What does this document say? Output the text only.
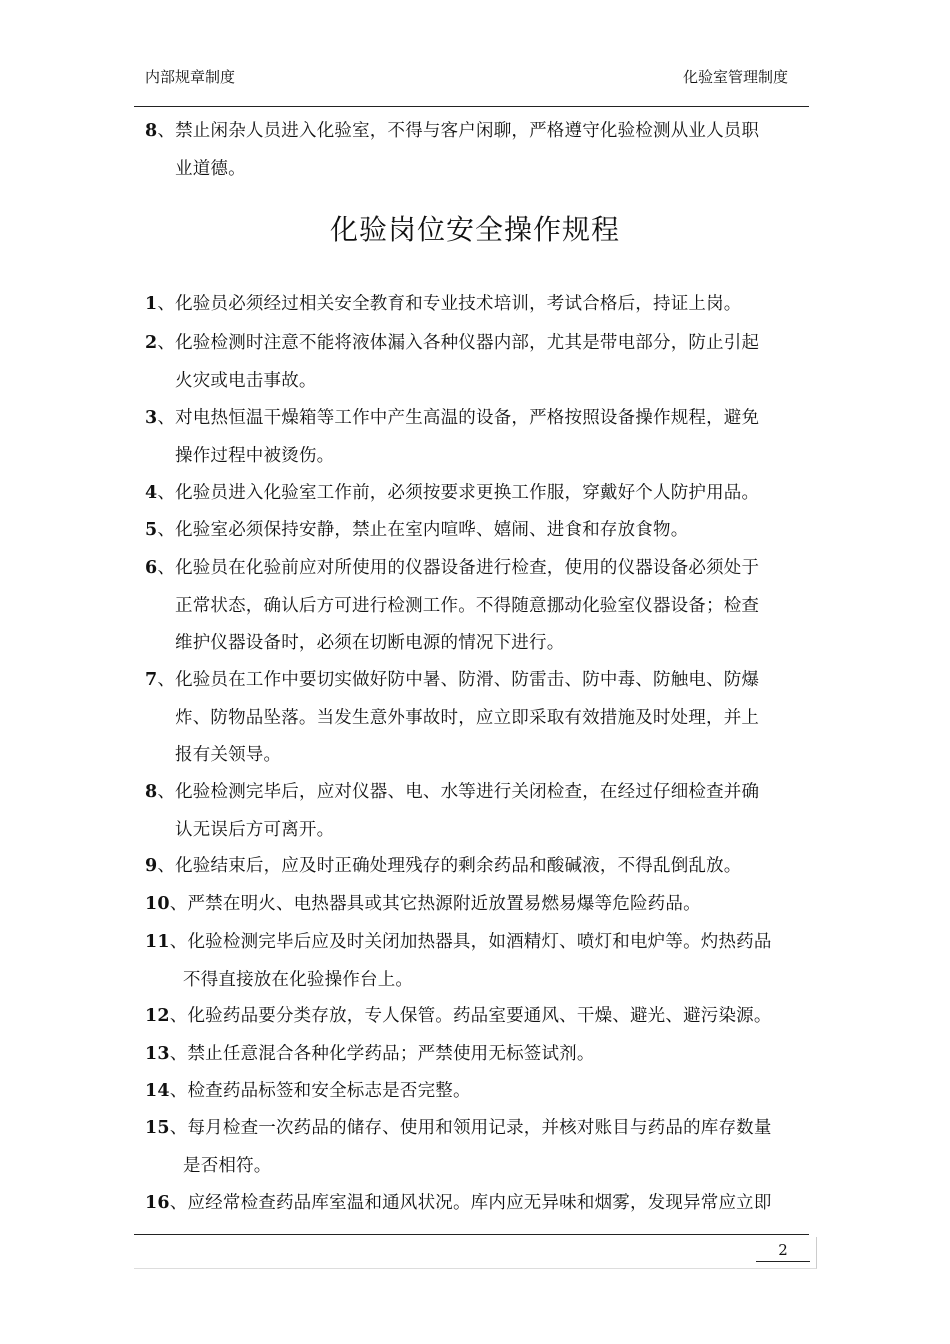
内部规章制度	化验室管理制度
8、禁止闲杂人员进入化验室，不得与客户闲聊，严格遵守化验检测从业人员职
业道德。
化验岗位安全操作规程
1、化验员必须经过相关安全教育和专业技术培训，考试合格后，持证上岗。
2、化验检测时注意不能将液体漏入各种仪器内部，尤其是带电部分，防止引起
火灾或电击事故。
3、对电热恒温干燥箱等工作中产生高温的设备，严格按照设备操作规程，避免
操作过程中被烫伤。
4、化验员进入化验室工作前，必须按要求更换工作服，穿戴好个人防护用品。
5、化验室必须保持安静，禁止在室内喧哗、嬉闹、进食和存放食物。
6、化验员在化验前应对所使用的仪器设备进行检查，使用的仪器设备必须处于
正常状态，确认后方可进行检测工作。不得随意挪动化验室仪器设备；检查
维护仪器设备时，必须在切断电源的情况下进行。
7、化验员在工作中要切实做好防中暑、防滑、防雷击、防中毒、防触电、防爆
炸、防物品坠落。当发生意外事故时，应立即采取有效措施及时处理，并上
报有关领导。
8、化验检测完毕后，应对仪器、电、水等进行关闭检查，在经过仔细检查并确
认无误后方可离开。
9、化验结束后，应及时正确处理残存的剩余药品和酸碱液，不得乱倒乱放。
10、严禁在明火、电热器具或其它热源附近放置易燃易爆等危险药品。
11、化验检测完毕后应及时关闭加热器具，如酒精灯、喷灯和电炉等。灼热药品
不得直接放在化验操作台上。
12、化验药品要分类存放，专人保管。药品室要通风、干燥、避光、避污染源。
13、禁止任意混合各种化学药品；严禁使用无标签试剂。
14、检查药品标签和安全标志是否完整。
15、每月检查一次药品的储存、使用和领用记录，并核对账目与药品的库存数量
是否相符。
16、应经常检查药品库室温和通风状况。库内应无异味和烟雾，发现异常应立即
2
